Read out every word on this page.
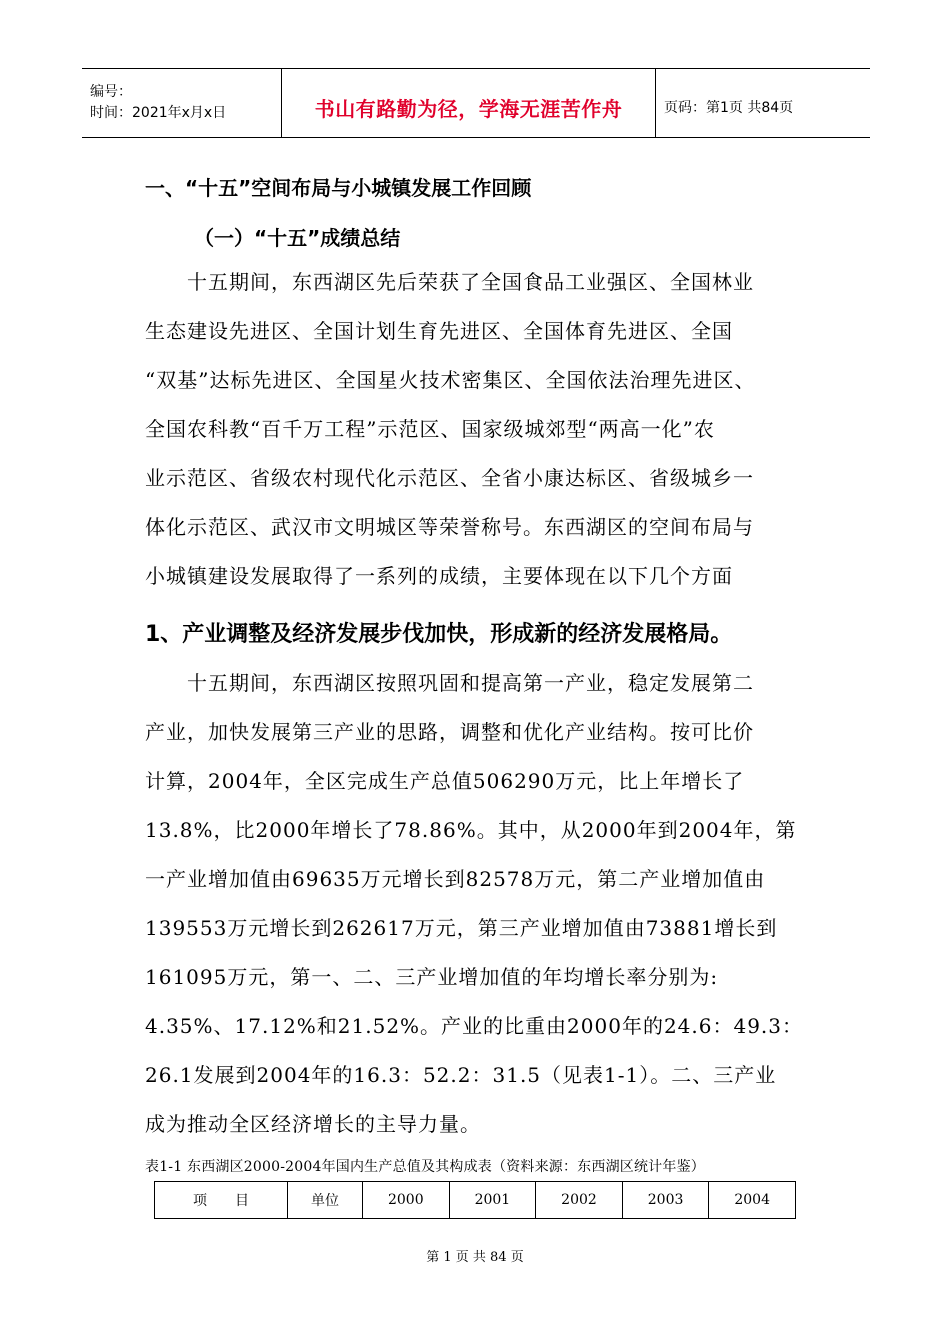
编号：
时间：2021年x月x日	书山有路勤为径，学海无涯苦作舟	页码：第1页 共84页
一、“十五”空间布局与小城镇发展工作回顾
（一）“十五”成绩总结
　　十五期间，东西湖区先后荣获了全国食品工业强区、全国林业
生态建设先进区、全国计划生育先进区、全国体育先进区、全国
“双基”达标先进区、全国星火技术密集区、全国依法治理先进区、
全国农科教“百千万工程”示范区、国家级城郊型“两高一化”农
业示范区、省级农村现代化示范区、全省小康达标区、省级城乡一
体化示范区、武汉市文明城区等荣誉称号。东西湖区的空间布局与
小城镇建设发展取得了一系列的成绩，主要体现在以下几个方面
1、产业调整及经济发展步伐加快，形成新的经济发展格局。
　　十五期间，东西湖区按照巩固和提高第一产业，稳定发展第二
产业，加快发展第三产业的思路，调整和优化产业结构。按可比价
计算，2004年，全区完成生产总值506290万元，比上年增长了
13.8%，比2000年增长了78.86%。其中，从2000年到2004年，第
一产业增加值由69635万元增长到82578万元，第二产业增加值由
139553万元增长到262617万元，第三产业增加值由73881增长到
161095万元，第一、二、三产业增加值的年均增长率分别为:
4.35%、17.12%和21.52%。产业的比重由2000年的24.6：49.3：
26.1发展到2004年的16.3：52.2：31.5（见表1-1）。二、三产业
成为推动全区经济增长的主导力量。
表1-1 东西湖区2000-2004年国内生产总值及其构成表（资料来源：东西湖区统计年鉴）
项　　目	单位	2000	2001	2002	2003	2004
第 1 页 共 84 页
